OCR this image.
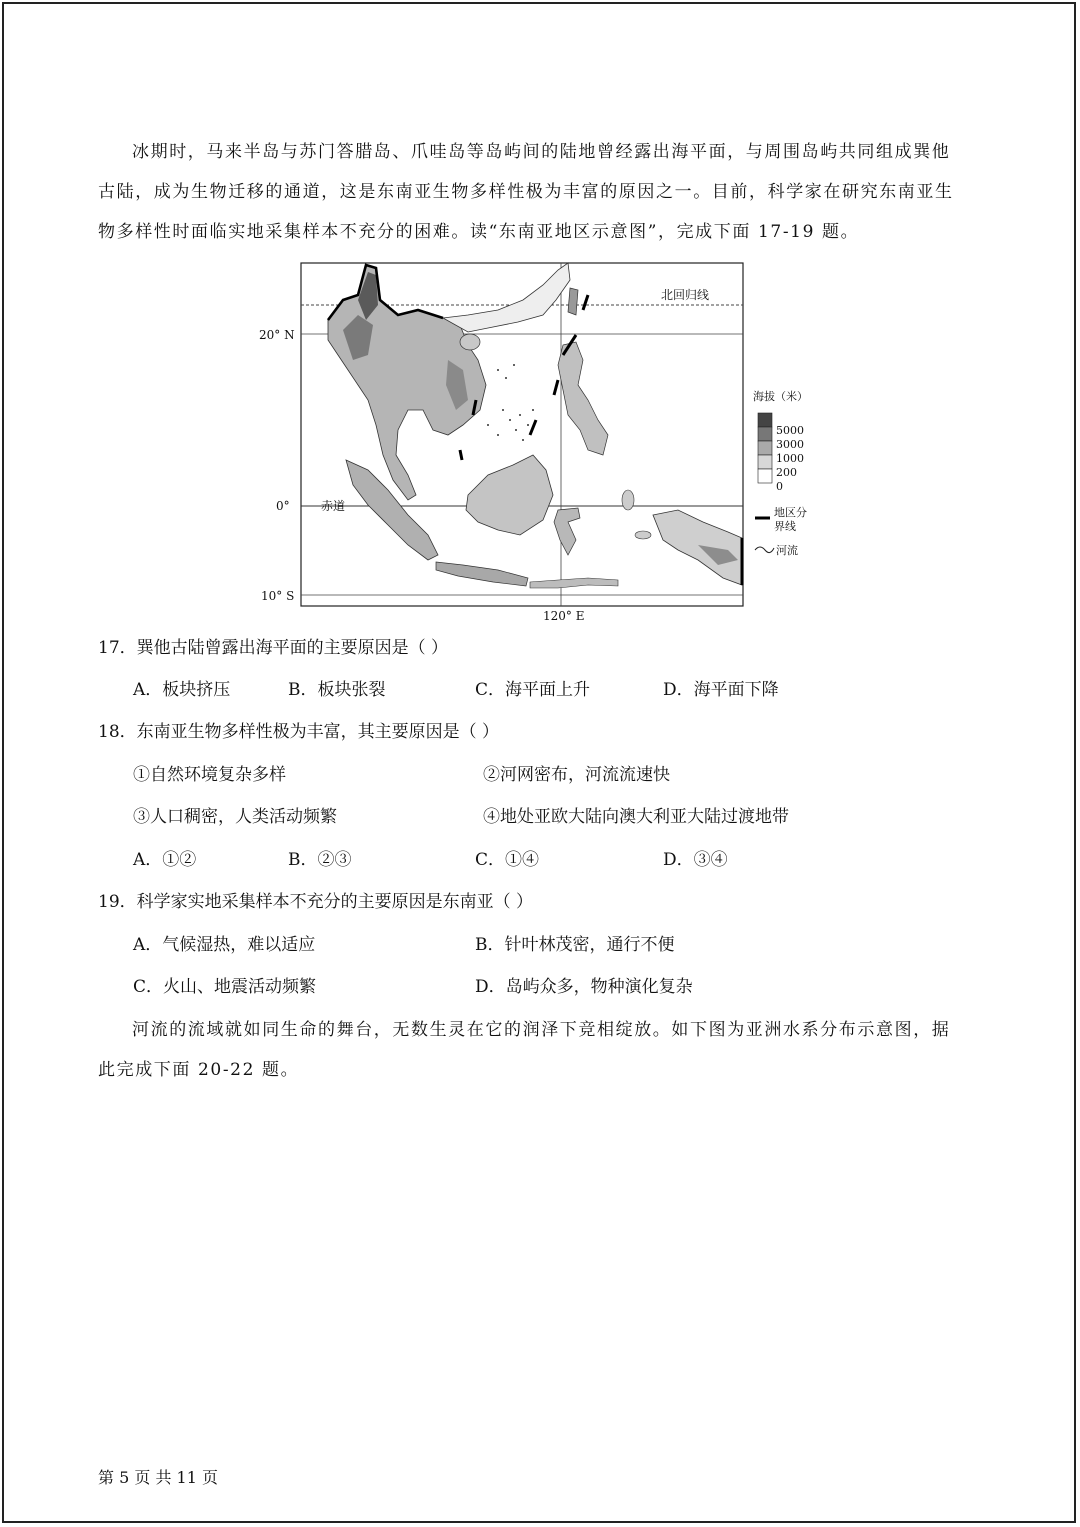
冰期时，马来半岛与苏门答腊岛、爪哇岛等岛屿间的陆地曾经露出海平面，与周围岛屿共同组成巽他
古陆，成为生物迁移的通道，这是东南亚生物多样性极为丰富的原因之一。目前，科学家在研究东南亚生
物多样性时面临实地采集样本不充分的困难。读“东南亚地区示意图”，完成下面 17-19 题。
北回归线
20° N
0°
10° S
120° E
赤道
海拔（米）
5000
3000
1000
200
0
地区分
界线
河流
17．巽他古陆曾露出海平面的主要原因是（ ）
A．板块挤压	B．板块张裂	C．海平面上升	D．海平面下降
18．东南亚生物多样性极为丰富，其主要原因是（ ）
①自然环境复杂多样	②河网密布，河流流速快
③人口稠密，人类活动频繁	④地处亚欧大陆向澳大利亚大陆过渡地带
A．①②	B．②③	C．①④	D．③④
19．科学家实地采集样本不充分的主要原因是东南亚（ ）
A．气候湿热，难以适应	B．针叶林茂密，通行不便
C．火山、地震活动频繁	D．岛屿众多，物种演化复杂
河流的流域就如同生命的舞台，无数生灵在它的润泽下竞相绽放。如下图为亚洲水系分布示意图，据
此完成下面 20-22 题。
第 5 页 共 11 页
